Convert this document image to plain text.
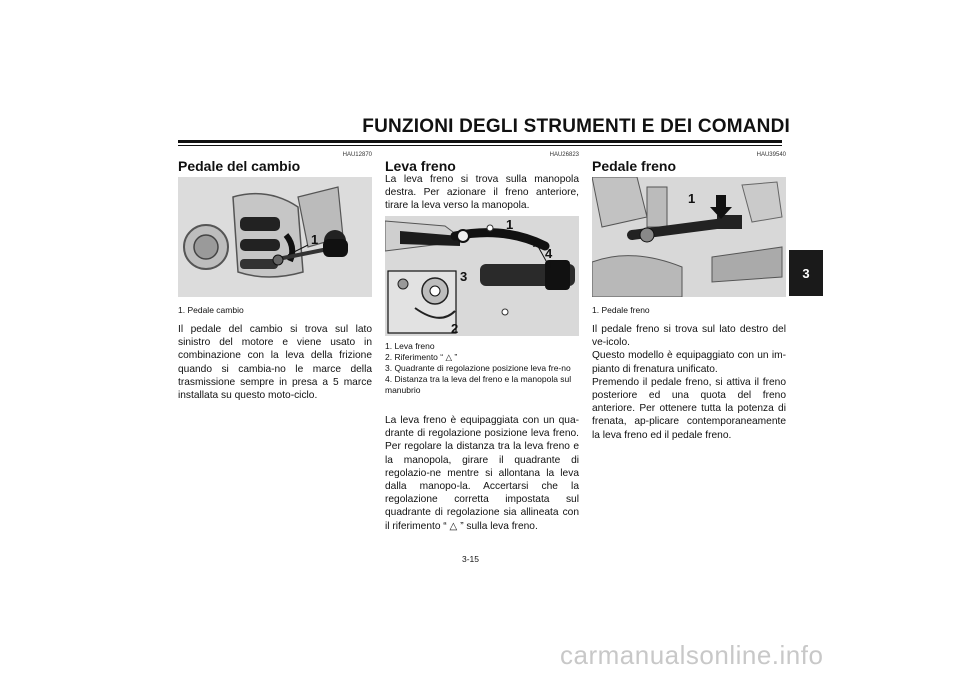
FUNZIONI DEGLI STRUMENTI E DEI COMANDI
3
HAU12870
Pedale del cambio
1
1. Pedale cambio
Il pedale del cambio si trova sul lato sinistro del motore e viene usato in combinazione con la leva della frizione quando si cambia-no le marce della trasmissione sempre in presa a 5 marce installata su questo moto-ciclo.
HAU26823
Leva freno
La leva freno si trova sulla manopola destra. Per azionare il freno anteriore, tirare la leva verso la manopola.
1
4
3
2
1. Leva freno
2. Riferimento “ △ ”
3. Quadrante di regolazione posizione leva fre-no
4. Distanza tra la leva del freno e la manopola sul manubrio
La leva freno è equipaggiata con un qua-drante di regolazione posizione leva freno. Per regolare la distanza tra la leva freno e la manopola, girare il quadrante di regolazio-ne mentre si allontana la leva dalla manopo-la. Accertarsi che la regolazione corretta impostata sul quadrante di regolazione sia allineata con il riferimento “ △ ” sulla leva freno.
HAU39540
Pedale freno
1
1. Pedale freno
Il pedale freno si trova sul lato destro del ve-icolo.
Questo modello è equipaggiato con un im-pianto di frenatura unificato.
Premendo il pedale freno, si attiva il freno posteriore ed una quota del freno anteriore. Per ottenere tutta la potenza di frenata, ap-plicare contemporaneamente la leva freno ed il pedale freno.
3-15
carmanualsonline.info
